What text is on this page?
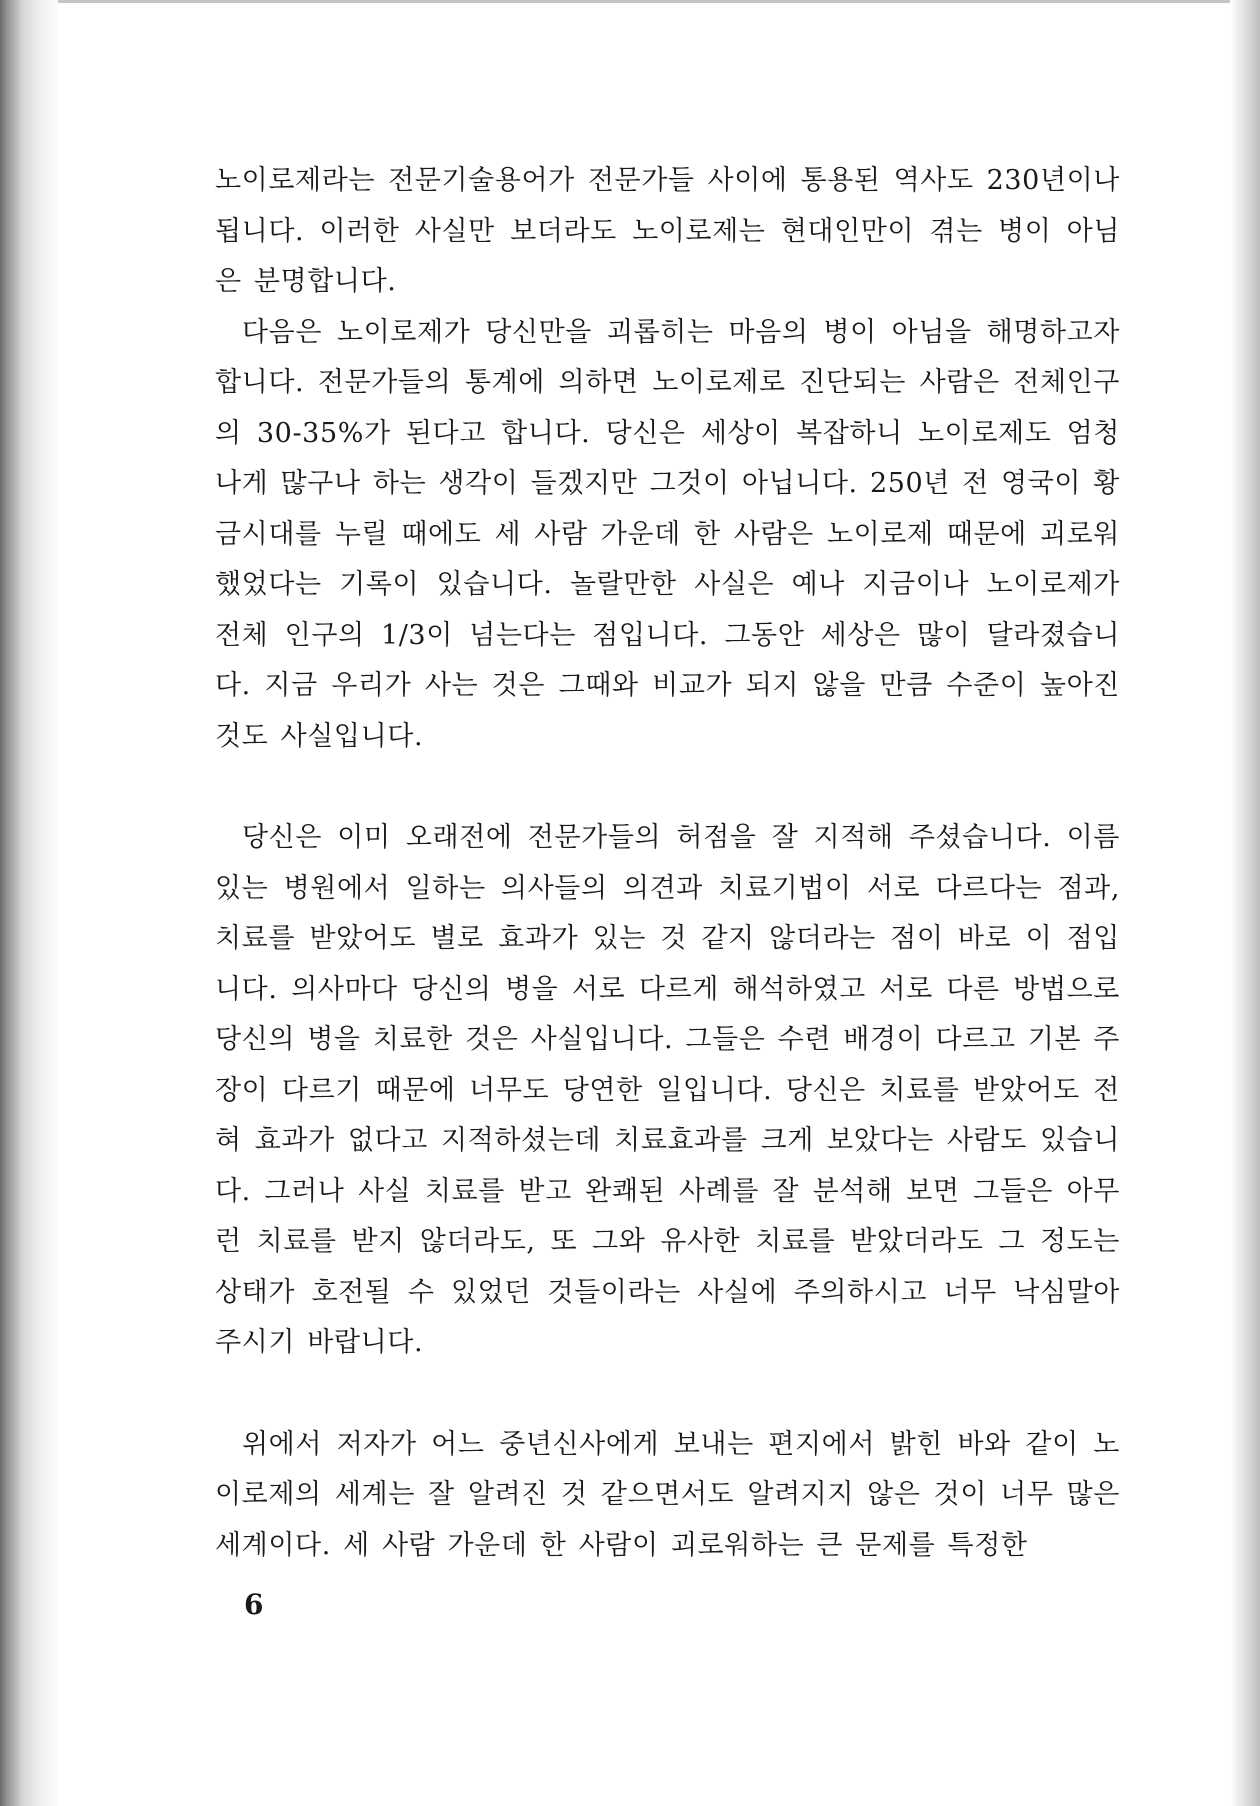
노이로제라는 전문기술용어가 전문가들 사이에 통용된 역사도 230년이나 됩니다. 이러한 사실만 보더라도 노이로제는 현대인만이 겪는 병이 아님은 분명합니다.

다음은 노이로제가 당신만을 괴롭히는 마음의 병이 아님을 해명하고자 합니다. 전문가들의 통계에 의하면 노이로제로 진단되는 사람은 전체인구의 30-35%가 된다고 합니다. 당신은 세상이 복잡하니 노이로제도 엄청나게 많구나 하는 생각이 들겠지만 그것이 아닙니다. 250년 전 영국이 황금시대를 누릴 때에도 세 사람 가운데 한 사람은 노이로제 때문에 괴로워했었다는 기록이 있습니다. 놀랄만한 사실은 예나 지금이나 노이로제가 전체 인구의 1/3이 넘는다는 점입니다. 그동안 세상은 많이 달라졌습니다. 지금 우리가 사는 것은 그때와 비교가 되지 않을 만큼 수준이 높아진 것도 사실입니다.

당신은 이미 오래전에 전문가들의 허점을 잘 지적해 주셨습니다. 이름 있는 병원에서 일하는 의사들의 의견과 치료기법이 서로 다르다는 점과, 치료를 받았어도 별로 효과가 있는 것 같지 않더라는 점이 바로 이 점입니다. 의사마다 당신의 병을 서로 다르게 해석하였고 서로 다른 방법으로 당신의 병을 치료한 것은 사실입니다. 그들은 수련 배경이 다르고 기본 주장이 다르기 때문에 너무도 당연한 일입니다. 당신은 치료를 받았어도 전혀 효과가 없다고 지적하셨는데 치료효과를 크게 보았다는 사람도 있습니다. 그러나 사실 치료를 받고 완쾌된 사례를 잘 분석해 보면 그들은 아무런 치료를 받지 않더라도, 또 그와 유사한 치료를 받았더라도 그 정도는 상태가 호전될 수 있었던 것들이라는 사실에 주의하시고 너무 낙심말아 주시기 바랍니다.

위에서 저자가 어느 중년신사에게 보내는 편지에서 밝힌 바와 같이 노이로제의 세계는 잘 알려진 것 같으면서도 알려지지 않은 것이 너무 많은 세계이다. 세 사람 가운데 한 사람이 괴로워하는 큰 문제를 특정한

6
